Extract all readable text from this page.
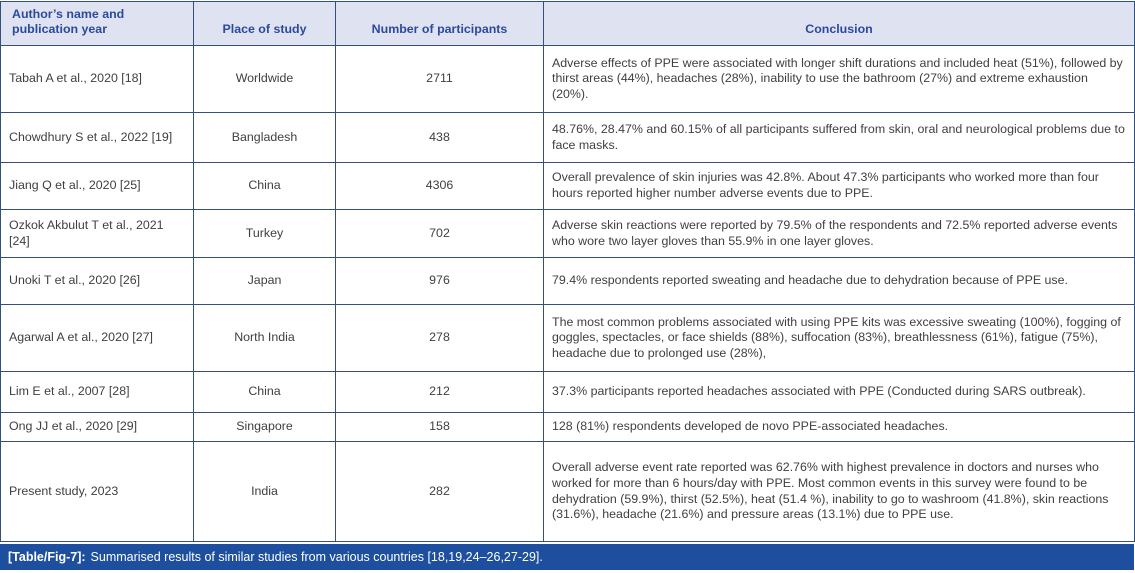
Author’s name and publication year	Place of study	Number of participants	Conclusion
Tabah A et al., 2020 [18]	Worldwide	2711	Adverse effects of PPE were associated with longer shift durations and included heat (51%), followed by thirst areas (44%), headaches (28%), inability to use the bathroom (27%) and extreme exhaustion (20%).
Chowdhury S et al., 2022 [19]	Bangladesh	438	48.76%, 28.47% and 60.15% of all participants suffered from skin, oral and neurological problems due to face masks.
Jiang Q et al., 2020 [25]	China	4306	Overall prevalence of skin injuries was 42.8%. About 47.3% participants who worked more than four hours reported higher number adverse events due to PPE.
Ozkok Akbulut T et al., 2021 [24]	Turkey	702	Adverse skin reactions were reported by 79.5% of the respondents and 72.5% reported adverse events who wore two layer gloves than 55.9% in one layer gloves.
Unoki T et al., 2020 [26]	Japan	976	79.4% respondents reported sweating and headache due to dehydration because of PPE use.
Agarwal A et al., 2020 [27]	North India	278	The most common problems associated with using PPE kits was excessive sweating (100%), fogging of goggles, spectacles, or face shields (88%), suffocation (83%), breathlessness (61%), fatigue (75%), headache due to prolonged use (28%),
Lim E et al., 2007 [28]	China	212	37.3% participants reported headaches associated with PPE (Conducted during SARS outbreak).
Ong JJ et al., 2020 [29]	Singapore	158	128 (81%) respondents developed de novo PPE-associated headaches.
Present study, 2023	India	282	Overall adverse event rate reported was 62.76% with highest prevalence in doctors and nurses who worked for more than 6 hours/day with PPE. Most common events in this survey were found to be dehydration (59.9%), thirst (52.5%), heat (51.4 %), inability to go to washroom (41.8%), skin reactions (31.6%), headache (21.6%) and pressure areas (13.1%) due to PPE use.
[Table/Fig-7]: Summarised results of similar studies from various countries [18,19,24–26,27-29].
